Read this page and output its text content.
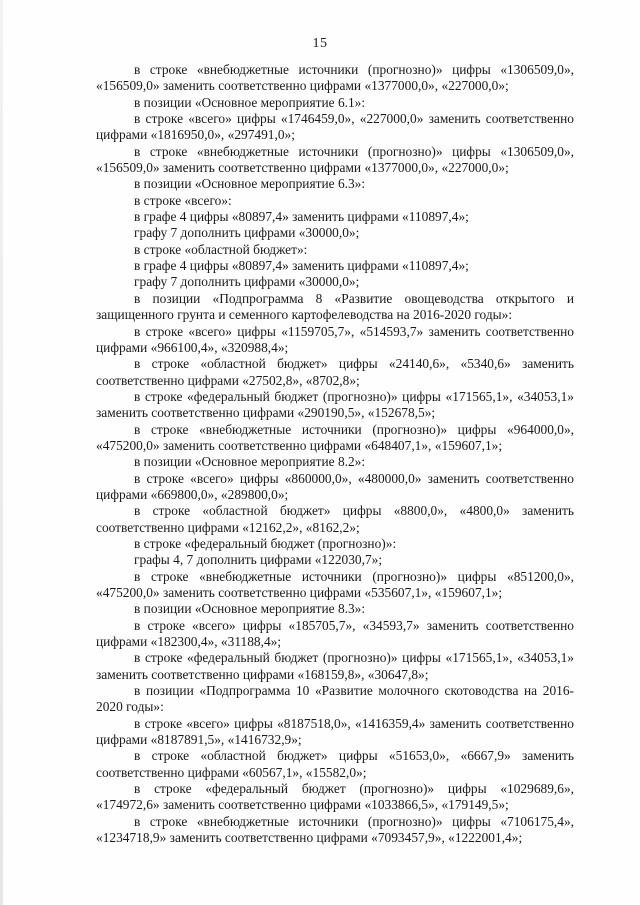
15

в строке «внебюджетные источники (прогнозно)» цифры «1306509,0», «156509,0» заменить соответственно цифрами «1377000,0», «227000,0»;

в позиции «Основное мероприятие 6.1»:

в строке «всего» цифры «1746459,0», «227000,0» заменить соответственно цифрами «1816950,0», «297491,0»;

в строке «внебюджетные источники (прогнозно)» цифры «1306509,0», «156509,0» заменить соответственно цифрами «1377000,0», «227000,0»;

в позиции «Основное мероприятие 6.3»:

в строке «всего»:

в графе 4 цифры «80897,4» заменить цифрами «110897,4»;

графу 7 дополнить цифрами «30000,0»;

в строке «областной бюджет»:

в графе 4 цифры «80897,4» заменить цифрами «110897,4»;

графу 7 дополнить цифрами «30000,0»;

в позиции «Подпрограмма 8 «Развитие овощеводства открытого и защищенного грунта и семенного картофелеводства на 2016-2020 годы»:

в строке «всего» цифры «1159705,7», «514593,7» заменить соответственно цифрами «966100,4», «320988,4»;

в строке «областной бюджет» цифры «24140,6», «5340,6» заменить соответственно цифрами «27502,8», «8702,8»;

в строке «федеральный бюджет (прогнозно)» цифры «171565,1», «34053,1» заменить соответственно цифрами «290190,5», «152678,5»;

в строке «внебюджетные источники (прогнозно)» цифры «964000,0», «475200,0» заменить соответственно цифрами «648407,1», «159607,1»;

в позиции «Основное мероприятие 8.2»:

в строке «всего» цифры «860000,0», «480000,0» заменить соответственно цифрами «669800,0», «289800,0»;

в строке «областной бюджет» цифры «8800,0», «4800,0» заменить соответственно цифрами «12162,2», «8162,2»;

в строке «федеральный бюджет (прогнозно)»:

графы 4, 7 дополнить цифрами «122030,7»;

в строке «внебюджетные источники (прогнозно)» цифры «851200,0», «475200,0» заменить соответственно цифрами «535607,1», «159607,1»;

в позиции «Основное мероприятие 8.3»:

в строке «всего» цифры «185705,7», «34593,7» заменить соответственно цифрами «182300,4», «31188,4»;

в строке «федеральный бюджет (прогнозно)» цифры «171565,1», «34053,1» заменить соответственно цифрами «168159,8», «30647,8»;

в позиции «Подпрограмма 10 «Развитие молочного скотоводства на 2016-2020 годы»:

в строке «всего» цифры «8187518,0», «1416359,4» заменить соответственно цифрами «8187891,5», «1416732,9»;

в строке «областной бюджет» цифры «51653,0», «6667,9» заменить соответственно цифрами «60567,1», «15582,0»;

в строке «федеральный бюджет (прогнозно)» цифры «1029689,6», «174972,6» заменить соответственно цифрами «1033866,5», «179149,5»;

в строке «внебюджетные источники (прогнозно)» цифры «7106175,4», «1234718,9» заменить соответственно цифрами «7093457,9», «1222001,4»;
